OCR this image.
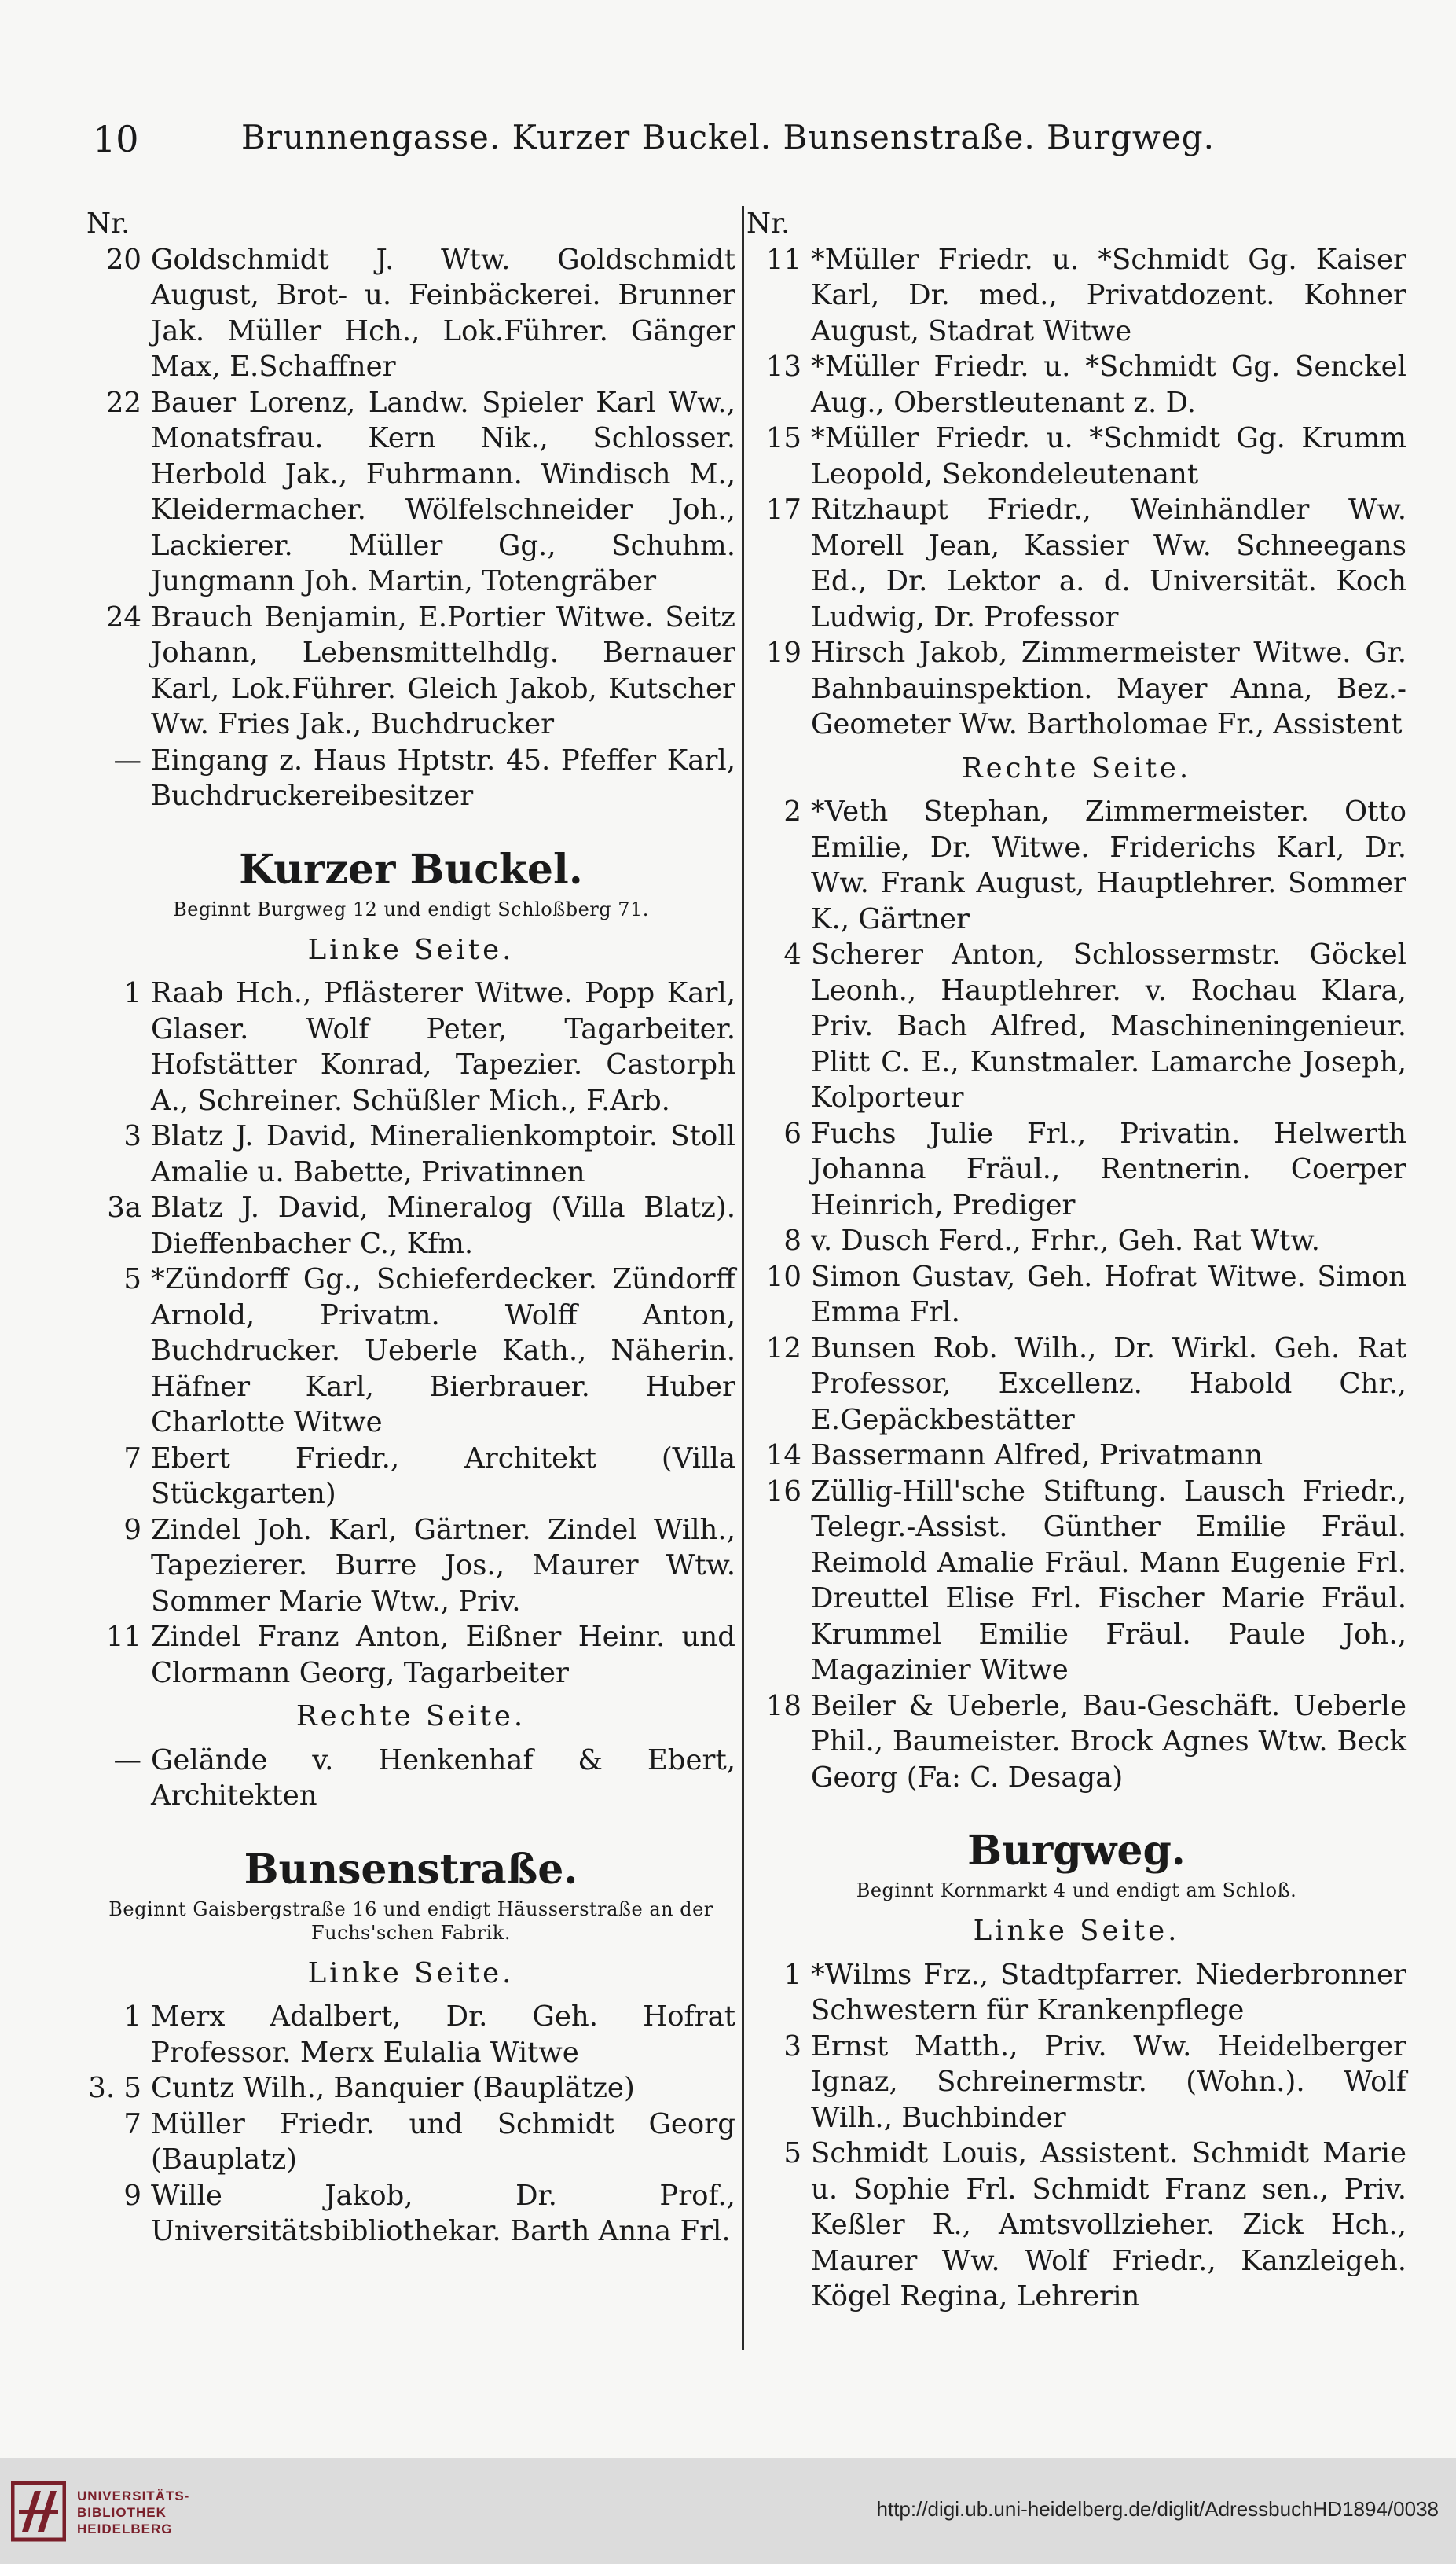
10	Brunnengasse. Kurzer Buckel. Bunsenstraße. Burgweg.
Nr.
20 Goldschmidt J. Wtw. Goldschmidt August, Brot- u. Feinbäckerei. Brunner Jak. Müller Hch., Lok.Führer. Gänger Max, E.Schaffner
22 Bauer Lorenz, Landw. Spieler Karl Ww., Monatsfrau. Kern Nik., Schlosser. Herbold Jak., Fuhrmann. Windisch M., Kleidermacher. Wölfelschneider Joh., Lackierer. Müller Gg., Schuhm. Jungmann Joh. Martin, Totengräber
24 Brauch Benjamin, E.Portier Witwe. Seitz Johann, Lebensmittelhdlg. Bernauer Karl, Lok.Führer. Gleich Jakob, Kutscher Ww. Fries Jak., Buchdrucker
— Eingang z. Haus Hptstr. 45. Pfeffer Karl, Buchdruckereibesitzer
Kurzer Buckel.
Beginnt Burgweg 12 und endigt Schloßberg 71.
Linke Seite.
1 Raab Hch., Pflästerer Witwe. Popp Karl, Glaser. Wolf Peter, Tagarbeiter. Hofstätter Konrad, Tapezier. Castorph A., Schreiner. Schüßler Mich., F.Arb.
3 Blatz J. David, Mineralienkomptoir. Stoll Amalie u. Babette, Privatinnen
3a Blatz J. David, Mineralog (Villa Blatz). Dieffenbacher C., Kfm.
5 *Zündorff Gg., Schieferdecker. Zündorff Arnold, Privatm. Wolff Anton, Buchdrucker. Ueberle Kath., Näherin. Häfner Karl, Bierbrauer. Huber Charlotte Witwe
7 Ebert Friedr., Architekt (Villa Stückgarten)
9 Zindel Joh. Karl, Gärtner. Zindel Wilh., Tapezierer. Burre Jos., Maurer Wtw. Sommer Marie Wtw., Priv.
11 Zindel Franz Anton, Eißner Heinr. und Clormann Georg, Tagarbeiter
Rechte Seite.
— Gelände v. Henkenhaf & Ebert, Architekten
Bunsenstraße.
Beginnt Gaisbergstraße 16 und endigt Häusserstraße an der Fuchs'schen Fabrik.
Linke Seite.
1 Merx Adalbert, Dr. Geh. Hofrat Professor. Merx Eulalia Witwe
3. 5 Cuntz Wilh., Banquier (Bauplätze)
7 Müller Friedr. und Schmidt Georg (Bauplatz)
9 Wille Jakob, Dr. Prof., Universitätsbibliothekar. Barth Anna Frl.
Nr.
11 *Müller Friedr. u. *Schmidt Gg. Kaiser Karl, Dr. med., Privatdozent. Kohner August, Stadrat Witwe
13 *Müller Friedr. u. *Schmidt Gg. Senckel Aug., Oberstleutenant z. D.
15 *Müller Friedr. u. *Schmidt Gg. Krumm Leopold, Sekondeleutenant
17 Ritzhaupt Friedr., Weinhändler Ww. Morell Jean, Kassier Ww. Schneegans Ed., Dr. Lektor a. d. Universität. Koch Ludwig, Dr. Professor
19 Hirsch Jakob, Zimmermeister Witwe. Gr. Bahnbauinspektion. Mayer Anna, Bez.-Geometer Ww. Bartholomae Fr., Assistent
Rechte Seite.
2 *Veth Stephan, Zimmermeister. Otto Emilie, Dr. Witwe. Friderichs Karl, Dr. Ww. Frank August, Hauptlehrer. Sommer K., Gärtner
4 Scherer Anton, Schlossermstr. Göckel Leonh., Hauptlehrer. v. Rochau Klara, Priv. Bach Alfred, Maschineningenieur. Plitt C. E., Kunstmaler. Lamarche Joseph, Kolporteur
6 Fuchs Julie Frl., Privatin. Helwerth Johanna Fräul., Rentnerin. Coerper Heinrich, Prediger
8 v. Dusch Ferd., Frhr., Geh. Rat Wtw.
10 Simon Gustav, Geh. Hofrat Witwe. Simon Emma Frl.
12 Bunsen Rob. Wilh., Dr. Wirkl. Geh. Rat Professor, Excellenz. Habold Chr., E.Gepäckbestätter
14 Bassermann Alfred, Privatmann
16 Züllig-Hill'sche Stiftung. Lausch Friedr., Telegr.-Assist. Günther Emilie Fräul. Reimold Amalie Fräul. Mann Eugenie Frl. Dreuttel Elise Frl. Fischer Marie Fräul. Krummel Emilie Fräul. Paule Joh., Magazinier Witwe
18 Beiler & Ueberle, Bau-Geschäft. Ueberle Phil., Baumeister. Brock Agnes Wtw. Beck Georg (Fa: C. Desaga)
Burgweg.
Beginnt Kornmarkt 4 und endigt am Schloß.
Linke Seite.
1 *Wilms Frz., Stadtpfarrer. Niederbronner Schwestern für Krankenpflege
3 Ernst Matth., Priv. Ww. Heidelberger Ignaz, Schreinermstr. (Wohn.). Wolf Wilh., Buchbinder
5 Schmidt Louis, Assistent. Schmidt Marie u. Sophie Frl. Schmidt Franz sen., Priv. Keßler R., Amtsvollzieher. Zick Hch., Maurer Ww. Wolf Friedr., Kanzleigeh. Kögel Regina, Lehrerin
UNIVERSITÄTS-
BIBLIOTHEK
HEIDELBERG
http://digi.ub.uni-heidelberg.de/diglit/AdressbuchHD1894/0038
